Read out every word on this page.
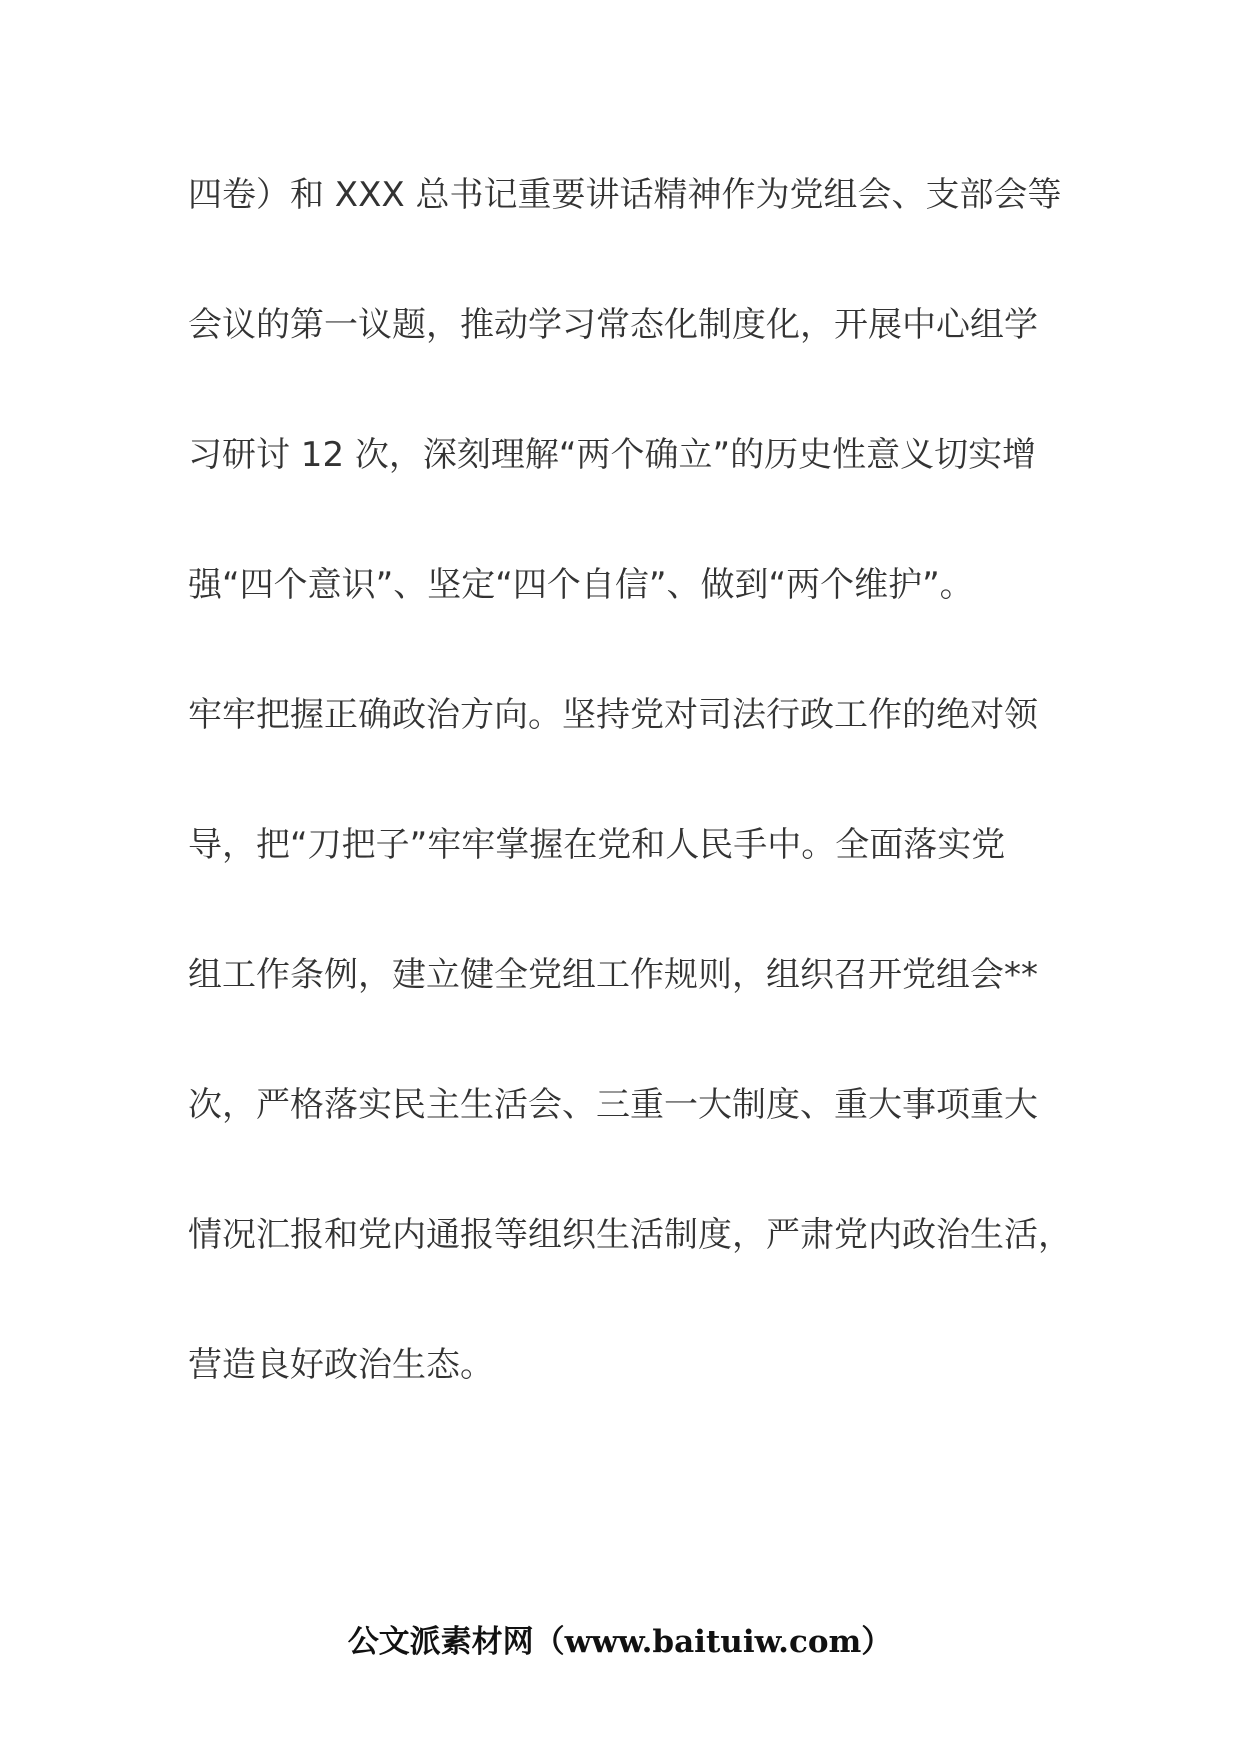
四卷）和 XXX 总书记重要讲话精神作为党组会、支部会等
会议的第一议题，推动学习常态化制度化，开展中心组学
习研讨 12 次，深刻理解“两个确立”的历史性意义切实增
强“四个意识”、坚定“四个自信”、做到“两个维护”。
牢牢把握正确政治方向。坚持党对司法行政工作的绝对领
导，把“刀把子”牢牢掌握在党和人民手中。全面落实党
组工作条例，建立健全党组工作规则，组织召开党组会**
次，严格落实民主生活会、三重一大制度、重大事项重大
情况汇报和党内通报等组织生活制度，严肃党内政治生活，
营造良好政治生态。
公文派素材网（www.baituiw.com）
